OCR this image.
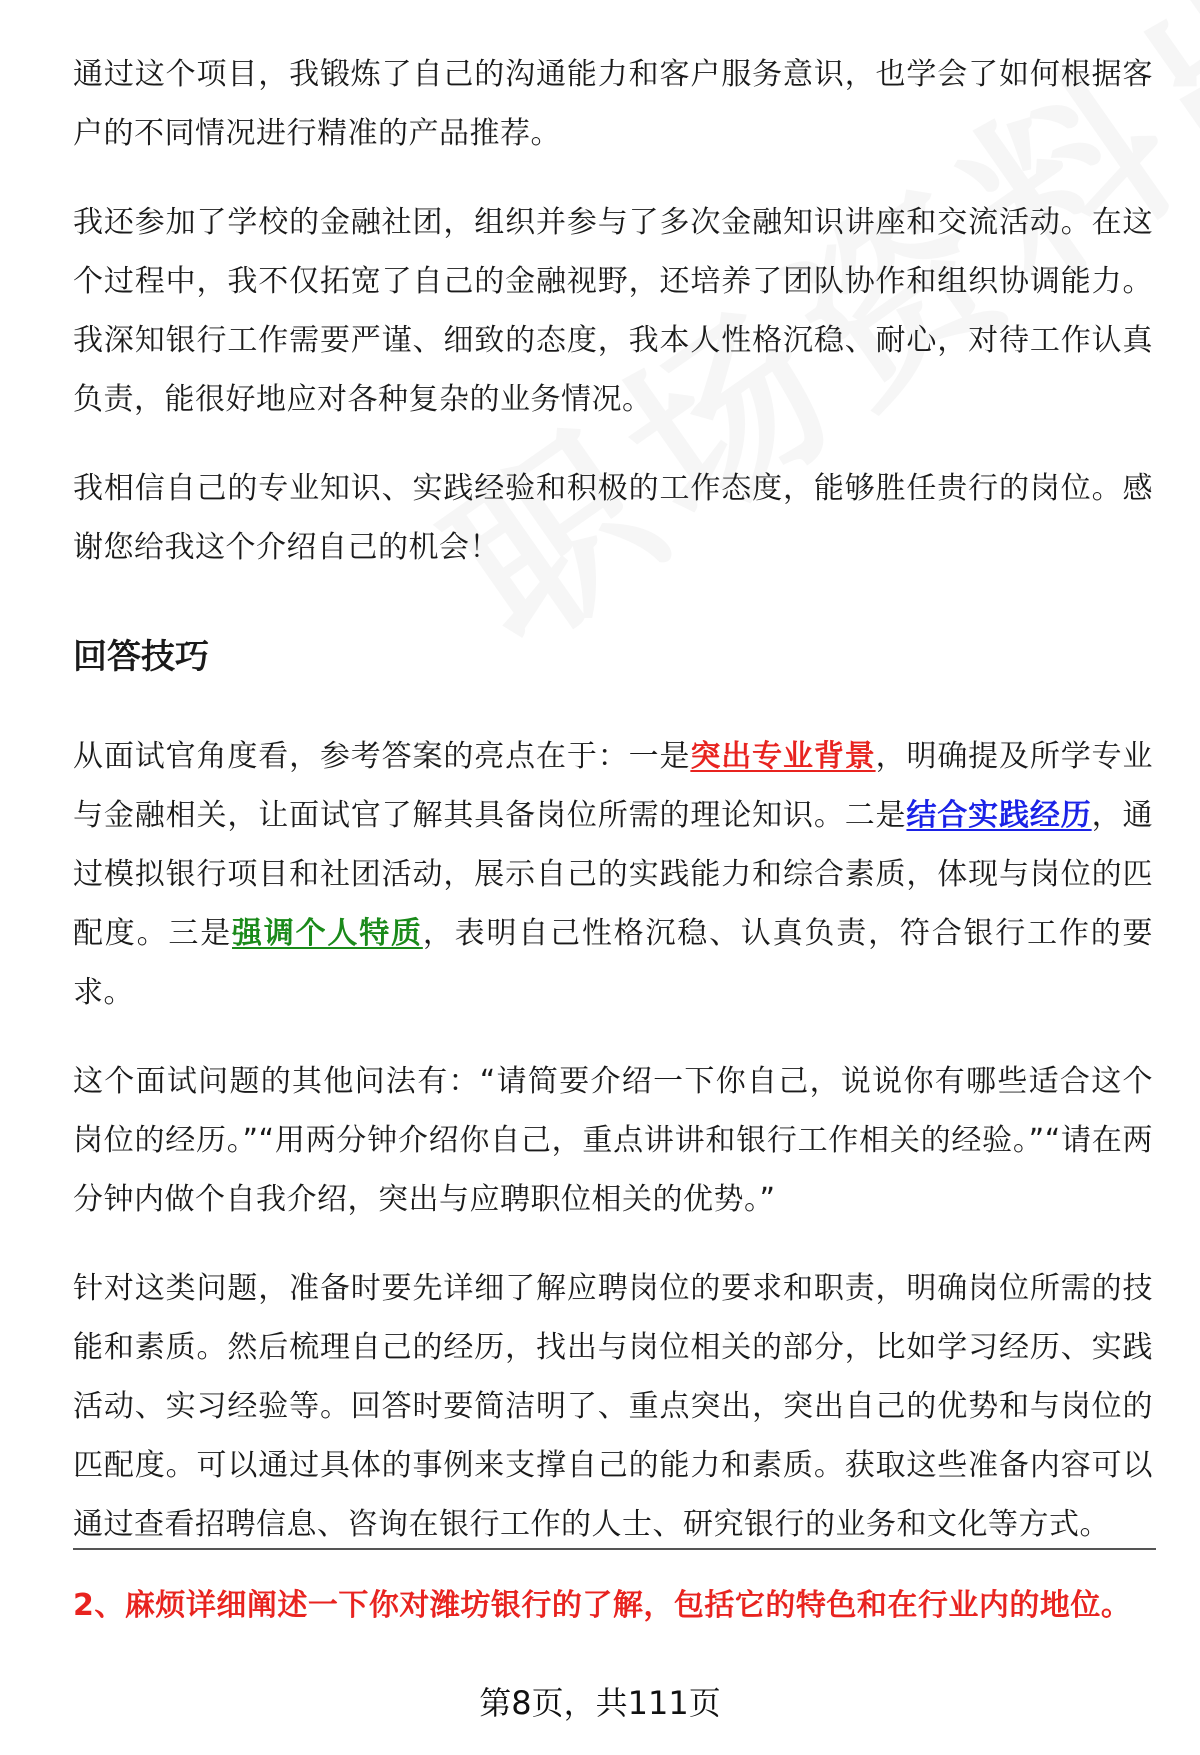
通过这个项目，我锻炼了自己的沟通能力和客户服务意识，也学会了如何根据客户的不同情况进行精准的产品推荐。

我还参加了学校的金融社团，组织并参与了多次金融知识讲座和交流活动。在这个过程中，我不仅拓宽了自己的金融视野，还培养了团队协作和组织协调能力。我深知银行工作需要严谨、细致的态度，我本人性格沉稳、耐心，对待工作认真负责，能很好地应对各种复杂的业务情况。

我相信自己的专业知识、实践经验和积极的工作态度，能够胜任贵行的岗位。感谢您给我这个介绍自己的机会！

回答技巧

从面试官角度看，参考答案的亮点在于：一是突出专业背景，明确提及所学专业与金融相关，让面试官了解其具备岗位所需的理论知识。二是结合实践经历，通过模拟银行项目和社团活动，展示自己的实践能力和综合素质，体现与岗位的匹配度。三是强调个人特质，表明自己性格沉稳、认真负责，符合银行工作的要求。

这个面试问题的其他问法有：“请简要介绍一下你自己，说说你有哪些适合这个岗位的经历。”“用两分钟介绍你自己，重点讲讲和银行工作相关的经验。”“请在两分钟内做个自我介绍，突出与应聘职位相关的优势。”

针对这类问题，准备时要先详细了解应聘岗位的要求和职责，明确岗位所需的技能和素质。然后梳理自己的经历，找出与岗位相关的部分，比如学习经历、实践活动、实习经验等。回答时要简洁明了、重点突出，突出自己的优势和与岗位的匹配度。可以通过具体的事例来支撑自己的能力和素质。获取这些准备内容可以通过查看招聘信息、咨询在银行工作的人士、研究银行的业务和文化等方式。

2、麻烦详细阐述一下你对潍坊银行的了解，包括它的特色和在行业内的地位。
第8页，共111页
